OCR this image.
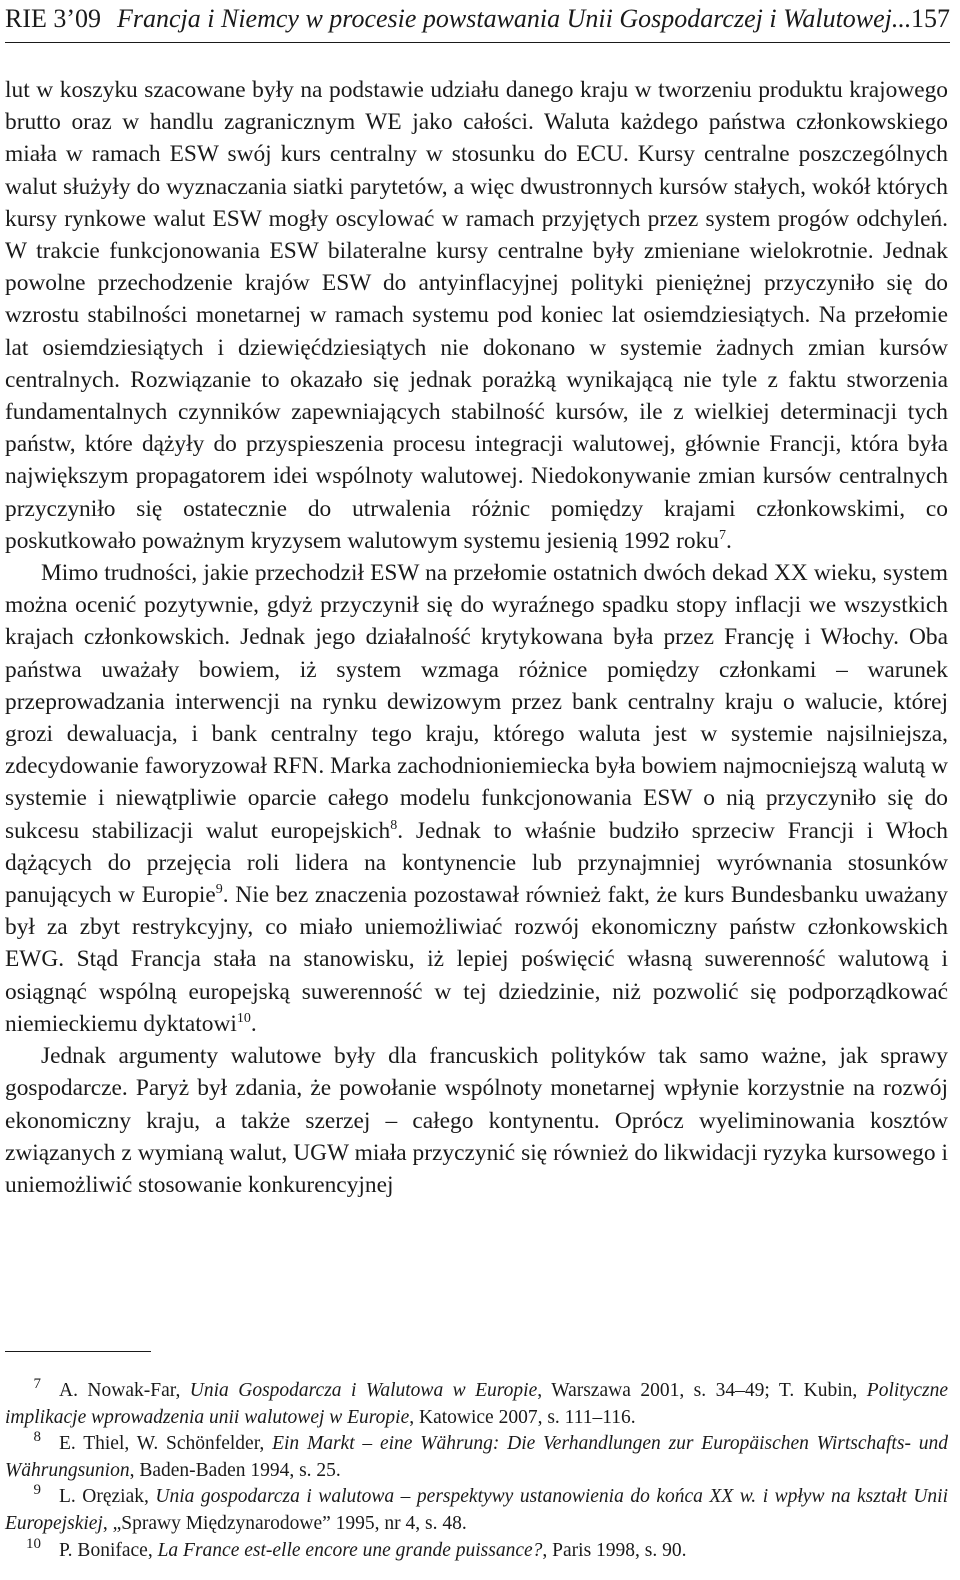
RIE 3’09 Francja i Niemcy w procesie powstawania Unii Gospodarczej i Walutowej... 157

lut w koszyku szacowane były na podstawie udziału danego kraju w tworzeniu produktu krajowego brutto oraz w handlu zagranicznym WE jako całości. Waluta każdego państwa członkowskiego miała w ramach ESW swój kurs centralny w stosunku do ECU. Kursy centralne poszczególnych walut służyły do wyznaczania siatki parytetów, a więc dwustronnych kursów stałych, wokół których kursy rynkowe walut ESW mogły oscylować w ramach przyjętych przez system progów odchyleń. W trakcie funkcjonowania ESW bilateralne kursy centralne były zmieniane wielokrotnie. Jednak powolne przechodzenie krajów ESW do antyinflacyjnej polityki pieniężnej przyczyniło się do wzrostu stabilności monetarnej w ramach systemu pod koniec lat osiemdziesiątych. Na przełomie lat osiemdziesiątych i dziewięćdziesiątych nie dokonano w systemie żadnych zmian kursów centralnych. Rozwiązanie to okazało się jednak porażką wynikającą nie tyle z faktu stworzenia fundamentalnych czynników zapewniających stabilność kursów, ile z wielkiej determinacji tych państw, które dążyły do przyspieszenia procesu integracji walutowej, głównie Francji, która była największym propagatorem idei wspólnoty walutowej. Niedokonywanie zmian kursów centralnych przyczyniło się ostatecznie do utrwalenia różnic pomiędzy krajami członkowskimi, co poskutkowało poważnym kryzysem walutowym systemu jesienią 1992 roku$^7$.

Mimo trudności, jakie przechodził ESW na przełomie ostatnich dwóch dekad XX wieku, system można ocenić pozytywnie, gdyż przyczynił się do wyraźnego spadku stopy inflacji we wszystkich krajach członkowskich. Jednak jego działalność krytykowana była przez Francję i Włochy. Oba państwa uważały bowiem, iż system wzmaga różnice pomiędzy członkami – warunek przeprowadzania interwencji na rynku dewizowym przez bank centralny kraju o walucie, której grozi dewaluacja, i bank centralny tego kraju, którego waluta jest w systemie najsilniejsza, zdecydowanie faworyzował RFN. Marka zachodnioniemiecka była bowiem najmocniejszą walutą w systemie i niewątpliwie oparcie całego modelu funkcjonowania ESW o nią przyczyniło się do sukcesu stabilizacji walut europejskich$^8$. Jednak to właśnie budziło sprzeciw Francji i Włoch dążących do przejęcia roli lidera na kontynencie lub przynajmniej wyrównania stosunków panujących w Europie$^9$. Nie bez znaczenia pozostawał również fakt, że kurs Bundesbanku uważany był za zbyt restrykcyjny, co miało uniemożliwiać rozwój ekonomiczny państw członkowskich EWG. Stąd Francja stała na stanowisku, iż lepiej poświęcić własną suwerenność walutową i osiągnąć wspólną europejską suwerenność w tej dziedzinie, niż pozwolić się podporządkować niemieckiemu dyktatowi$^{10}$.

Jednak argumenty walutowe były dla francuskich polityków tak samo ważne, jak sprawy gospodarcze. Paryż był zdania, że powołanie wspólnoty monetarnej wpłynie korzystnie na rozwój ekonomiczny kraju, a także szerzej – całego kontynentu. Oprócz wyeliminowania kosztów związanych z wymianą walut, UGW miała przyczynić się również do likwidacji ryzyka kursowego i uniemożliwić stosowanie konkurencyjnej

$^7$ A. Nowak-Far, Unia Gospodarcza i Walutowa w Europie, Warszawa 2001, s. 34–49; T. Kubin, Polityczne implikacje wprowadzenia unii walutowej w Europie, Katowice 2007, s. 111–116.

$^8$ E. Thiel, W. Schönfelder, Ein Markt – eine Währung: Die Verhandlungen zur Europäischen Wirtschafts- und Währungsunion, Baden-Baden 1994, s. 25.

$^9$ L. Oręziak, Unia gospodarcza i walutowa – perspektywy ustanowienia do końca XX w. i wpływ na kształt Unii Europejskiej, „Sprawy Międzynarodowe” 1995, nr 4, s. 48.

$^{10}$ P. Boniface, La France est-elle encore une grande puissance?, Paris 1998, s. 90.
